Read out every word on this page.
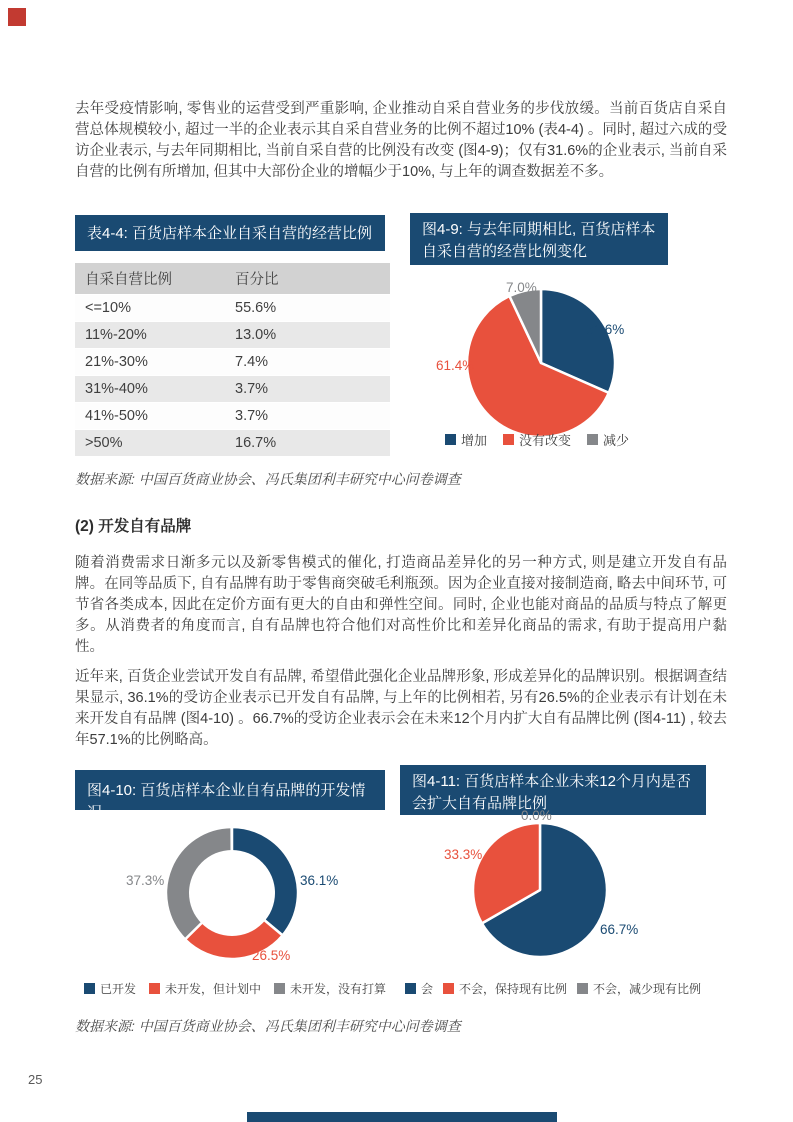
去年受疫情影响, 零售业的运营受到严重影响, 企业推动自采自营业务的步伐放缓。当前百货店自采自营总体规模较小, 超过一半的企业表示其自采自营业务的比例不超过10% (表4-4) 。同时, 超过六成的受访企业表示, 与去年同期相比, 当前自采自营的比例没有改变 (图4-9)；仅有31.6%的企业表示, 当前自采自营的比例有所增加, 但其中大部份企业的增幅少于10%, 与上年的调查数据差不多。

表4-4: 百货店样本企业自采自营的经营比例
自采自营比例	百分比
<=10%	55.6%
11%-20%	13.0%
21%-30%	7.4%
31%-40%	3.7%
41%-50%	3.7%
>50%	16.7%
图4-9: 与去年同期相比, 百货店样本自采自营的经营比例变化
7.0%
31.6%
61.4%
增加 没有改变 减少

数据来源: 中国百货商业协会、冯氏集团利丰研究中心问卷调查

(2) 开发自有品牌

随着消费需求日渐多元以及新零售模式的催化, 打造商品差异化的另一种方式, 则是建立开发自有品牌。在同等品质下, 自有品牌有助于零售商突破毛利瓶颈。因为企业直接对接制造商, 略去中间环节, 可节省各类成本, 因此在定价方面有更大的自由和弹性空间。同时, 企业也能对商品的品质与特点了解更多。从消费者的角度而言, 自有品牌也符合他们对高性价比和差异化商品的需求, 有助于提高用户黏性。

近年来, 百货企业尝试开发自有品牌, 希望借此强化企业品牌形象, 形成差异化的品牌识别。根据调查结果显示, 36.1%的受访企业表示已开发自有品牌, 与上年的比例相若, 另有26.5%的企业表示有计划在未来开发自有品牌 (图4-10) 。66.7%的受访企业表示会在未来12个月内扩大自有品牌比例 (图4-11) , 较去年57.1%的比例略高。

图4-10: 百货店样本企业自有品牌的开发情况
37.3%	36.1%
26.5%
已开发 未开发，但计划中 未开发，没有打算
图4-11: 百货店样本企业未来12个月内是否会扩大自有品牌比例
0.0%
33.3%
66.7%
会 不会，保持现有比例 不会，减少现有比例

数据来源: 中国百货商业协会、冯氏集团利丰研究中心问卷调查

25
